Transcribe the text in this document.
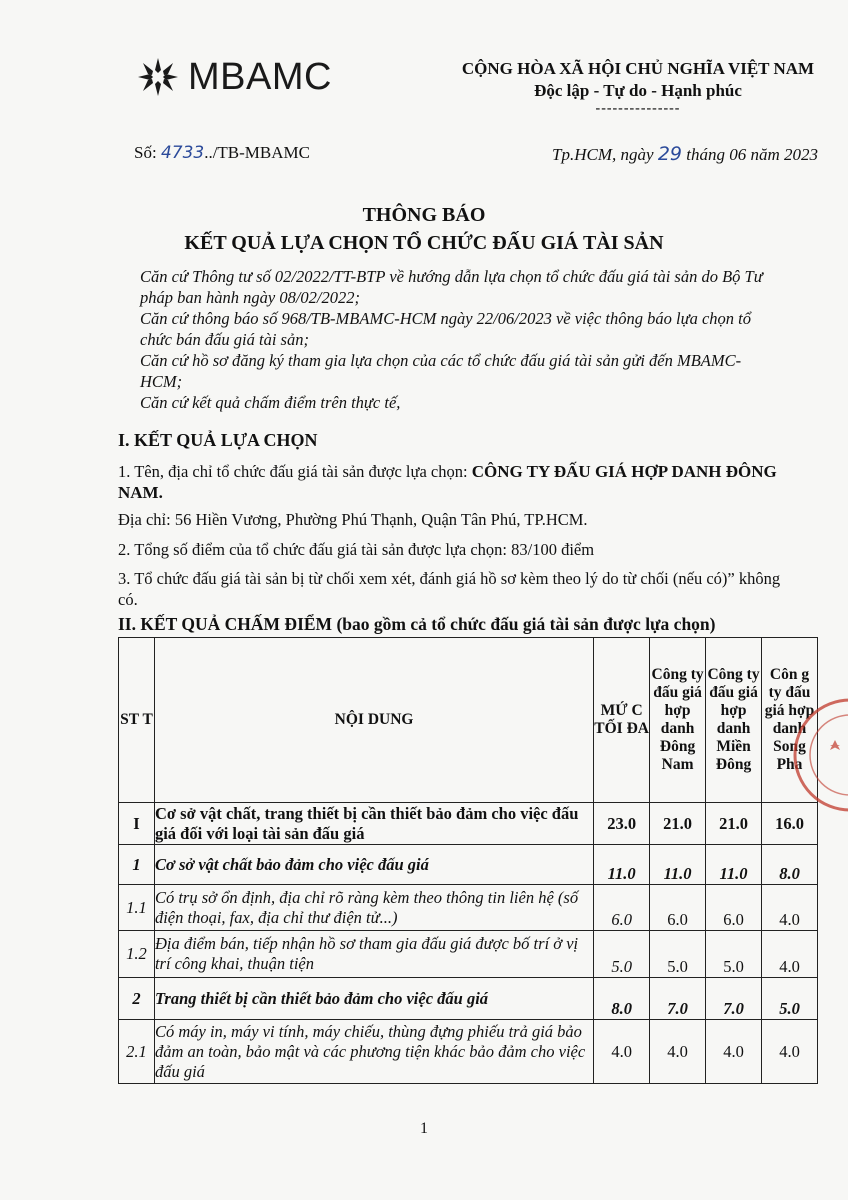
MBAMC	CỘNG HÒA XÃ HỘI CHỦ NGHĨA VIỆT NAM
Độc lập - Tự do - Hạnh phúc
---------------
Số: 4733../TB-MBAMC	Tp.HCM, ngày 29 tháng 06 năm 2023
THÔNG BÁO
KẾT QUẢ LỰA CHỌN TỔ CHỨC ĐẤU GIÁ TÀI SẢN

Căn cứ Thông tư số 02/2022/TT-BTP về hướng dẫn lựa chọn tổ chức đấu giá tài sản do Bộ Tư pháp ban hành ngày 08/02/2022;

Căn cứ thông báo số 968/TB-MBAMC-HCM ngày 22/06/2023 về việc thông báo lựa chọn tổ chức bán đấu giá tài sản;

Căn cứ hồ sơ đăng ký tham gia lựa chọn của các tổ chức đấu giá tài sản gửi đến MBAMC-HCM;

Căn cứ kết quả chấm điểm trên thực tế,

I. KẾT QUẢ LỰA CHỌN
1. Tên, địa chỉ tổ chức đấu giá tài sản được lựa chọn: CÔNG TY ĐẤU GIÁ HỢP DANH ĐÔNG NAM.
Địa chỉ: 56 Hiền Vương, Phường Phú Thạnh, Quận Tân Phú, TP.HCM.
2. Tổng số điểm của tổ chức đấu giá tài sản được lựa chọn: 83/100 điểm
3. Tổ chức đấu giá tài sản bị từ chối xem xét, đánh giá hồ sơ kèm theo lý do từ chối (nếu có)” không có.
II. KẾT QUẢ CHẤM ĐIỂM (bao gồm cả tổ chức đấu giá tài sản được lựa chọn)
ST T	NỘI DUNG	MỨ C TỐI ĐA	Công ty đấu giá hợp danh Đông Nam	Công ty đấu giá hợp danh Miền Đông	Côn g ty đấu giá hợp danh Song Pha
I	Cơ sở vật chất, trang thiết bị cần thiết bảo đảm cho việc đấu giá đối với loại tài sản đấu giá	23.0	21.0	21.0	16.0
1	Cơ sở vật chất bảo đảm cho việc đấu giá	11.0	11.0	11.0	8.0
1.1	Có trụ sở ổn định, địa chỉ rõ ràng kèm theo thông tin liên hệ (số điện thoại, fax, địa chỉ thư điện tử...)	6.0	6.0	6.0	4.0
1.2	Địa điểm bán, tiếp nhận hồ sơ tham gia đấu giá được bố trí ở vị trí công khai, thuận tiện	5.0	5.0	5.0	4.0
2	Trang thiết bị cần thiết bảo đảm cho việc đấu giá	8.0	7.0	7.0	5.0
2.1	Có máy in, máy vi tính, máy chiếu, thùng đựng phiếu trả giá bảo đảm an toàn, bảo mật và các phương tiện khác bảo đảm cho việc đấu giá	4.0	4.0	4.0	4.0
1
